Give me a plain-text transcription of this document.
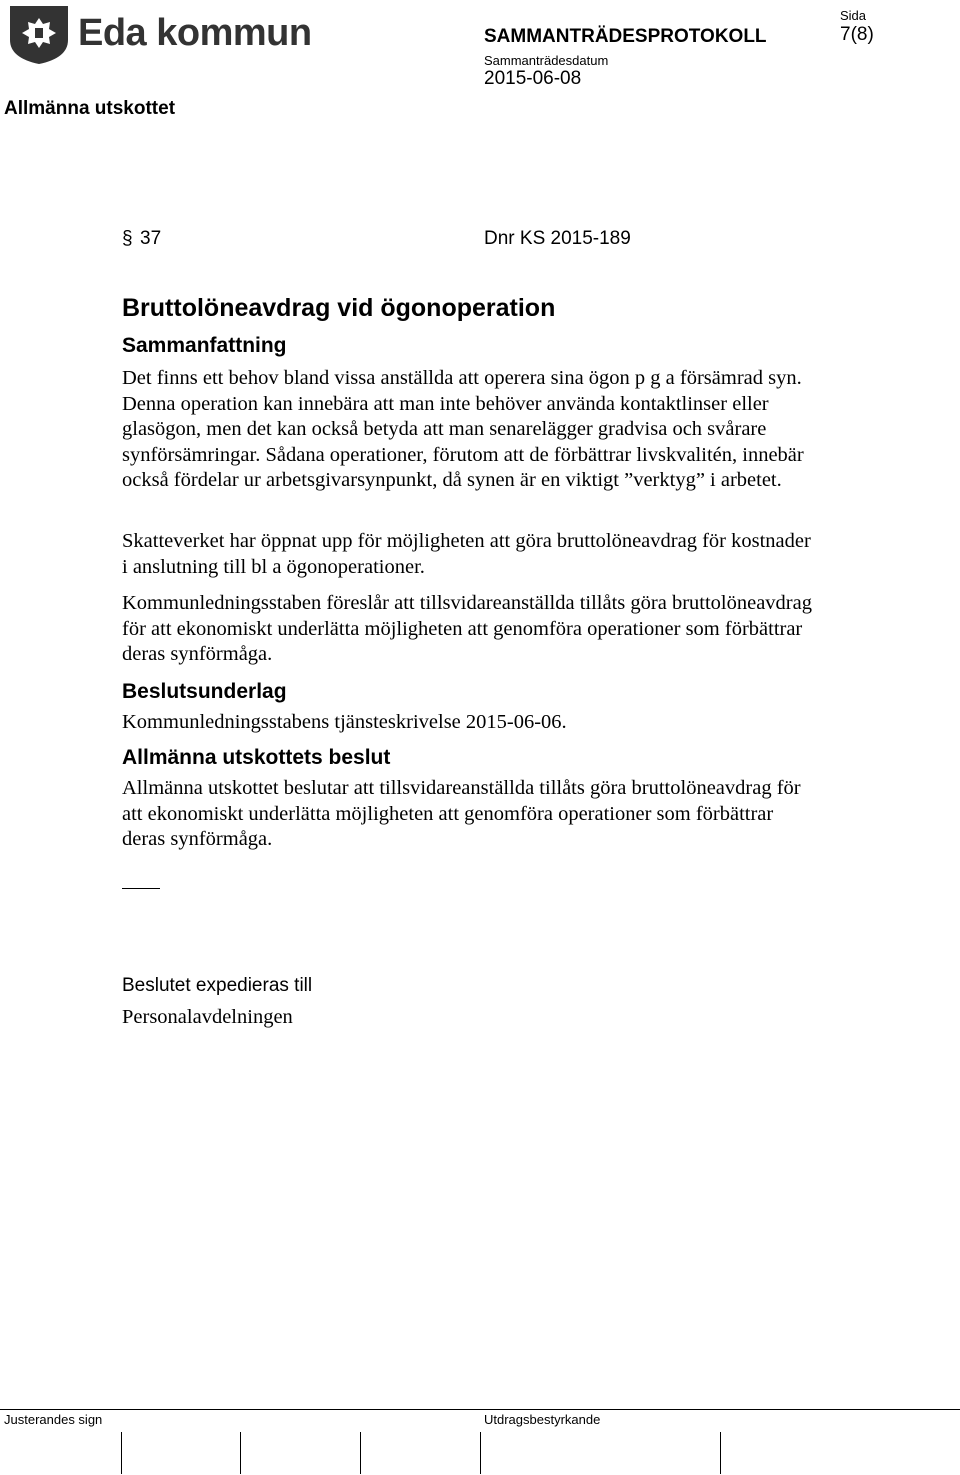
Eda kommun	SAMMANTRÄDESPROTOKOLL
Sammanträdesdatum
2015-06-08
Sida
7(8)
Allmänna utskottet
§ 37	Dnr KS 2015-189
Bruttolöneavdrag vid ögonoperation
Sammanfattning
Det finns ett behov bland vissa anställda att operera sina ögon p g a försämrad syn. Denna operation kan innebära att man inte behöver använda kontaktlinser eller glasögon, men det kan också betyda att man senarelägger gradvisa och svårare synförsämringar. Sådana operationer, förutom att de förbättrar livskvalitén, innebär också fördelar ur arbetsgivarsynpunkt, då synen är en viktigt ”verktyg” i arbetet.
Skatteverket har öppnat upp för möjligheten att göra bruttolöneavdrag för kostnader i anslutning till bl a ögonoperationer.
Kommunledningsstaben föreslår att tillsvidareanställda tillåts göra bruttolöneavdrag för att ekonomiskt underlätta möjligheten att genomföra operationer som förbättrar deras synförmåga.
Beslutsunderlag
Kommunledningsstabens tjänsteskrivelse 2015-06-06.
Allmänna utskottets beslut
Allmänna utskottet beslutar att tillsvidareanställda tillåts göra bruttolöneavdrag för att ekonomiskt underlätta möjligheten att genomföra operationer som förbättrar deras synförmåga.
Beslutet expedieras till
Personalavdelningen
Justerandes sign	Utdragsbestyrkande
